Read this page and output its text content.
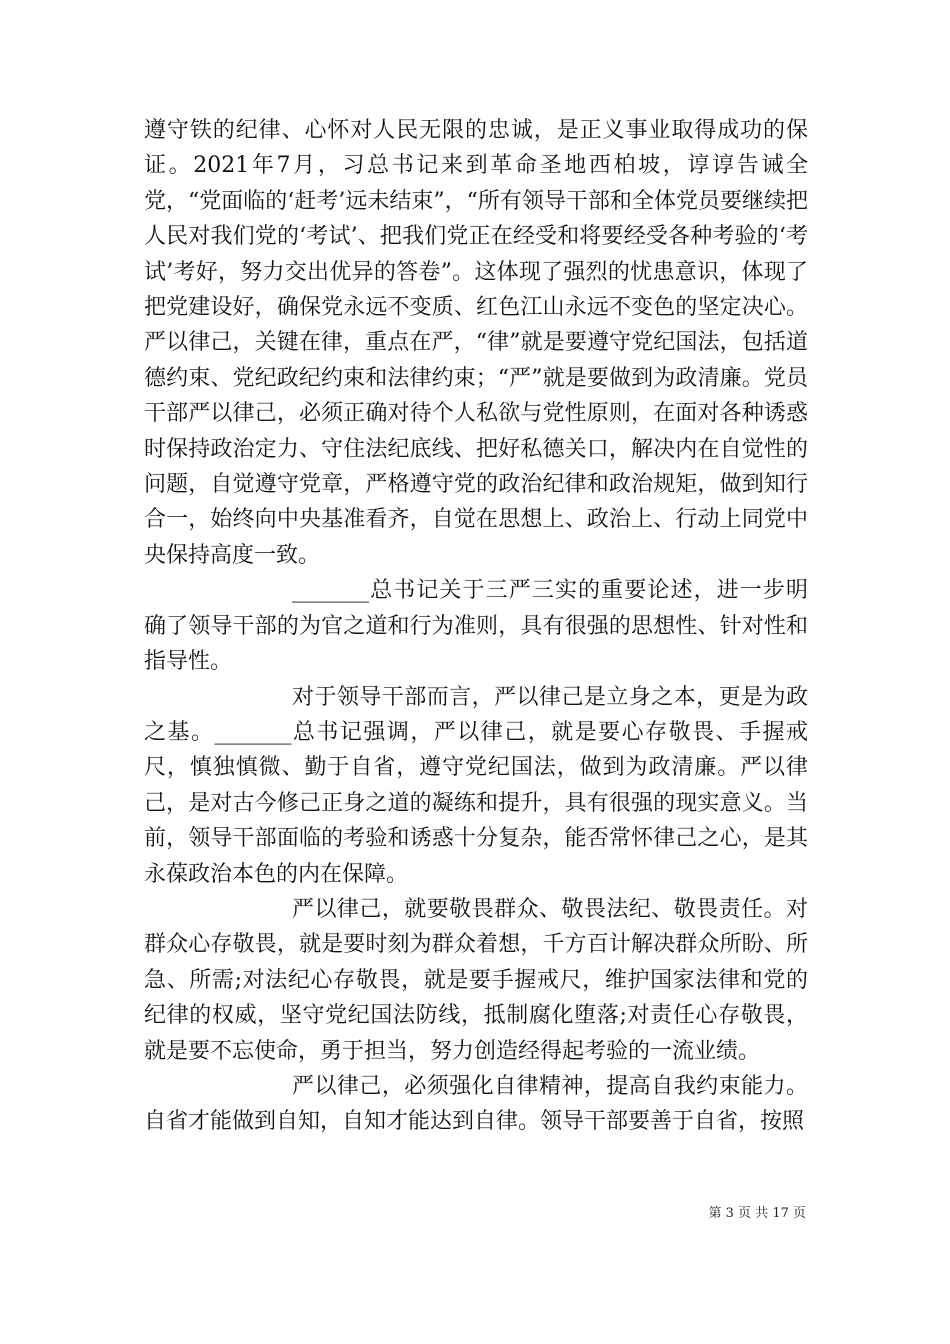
遵守铁的纪律、心怀对人民无限的忠诚，是正义事业取得成功的保证。2021年7月，习总书记来到革命圣地西柏坡，谆谆告诫全党，“党面临的‘赶考’远未结束”，“所有领导干部和全体党员要继续把人民对我们党的‘考试’、把我们党正在经受和将要经受各种考验的‘考试’考好，努力交出优异的答卷”。这体现了强烈的忧患意识，体现了把党建设好，确保党永远不变质、红色江山永远不变色的坚定决心。严以律己，关键在律，重点在严，“律”就是要遵守党纪国法，包括道德约束、党纪政纪约束和法律约束；“严”就是要做到为政清廉。党员干部严以律己，必须正确对待个人私欲与党性原则，在面对各种诱惑时保持政治定力、守住法纪底线、把好私德关口，解决内在自觉性的问题，自觉遵守党章，严格遵守党的政治纪律和政治规矩，做到知行合一，始终向中央基准看齐，自觉在思想上、政治上、行动上同党中央保持高度一致。

_______总书记关于三严三实的重要论述，进一步明确了领导干部的为官之道和行为准则，具有很强的思想性、针对性和指导性。

对于领导干部而言，严以律己是立身之本，更是为政之基。_______总书记强调，严以律己，就是要心存敬畏、手握戒尺，慎独慎微、勤于自省，遵守党纪国法，做到为政清廉。严以律己，是对古今修己正身之道的凝练和提升，具有很强的现实意义。当前，领导干部面临的考验和诱惑十分复杂，能否常怀律己之心，是其永葆政治本色的内在保障。

严以律己，就要敬畏群众、敬畏法纪、敬畏责任。对群众心存敬畏，就是要时刻为群众着想，千方百计解决群众所盼、所急、所需;对法纪心存敬畏，就是要手握戒尺，维护国家法律和党的纪律的权威，坚守党纪国法防线，抵制腐化堕落;对责任心存敬畏，就是要不忘使命，勇于担当，努力创造经得起考验的一流业绩。

严以律己，必须强化自律精神，提高自我约束能力。自省才能做到自知，自知才能达到自律。领导干部要善于自省，按照

第 3 页 共 17 页
